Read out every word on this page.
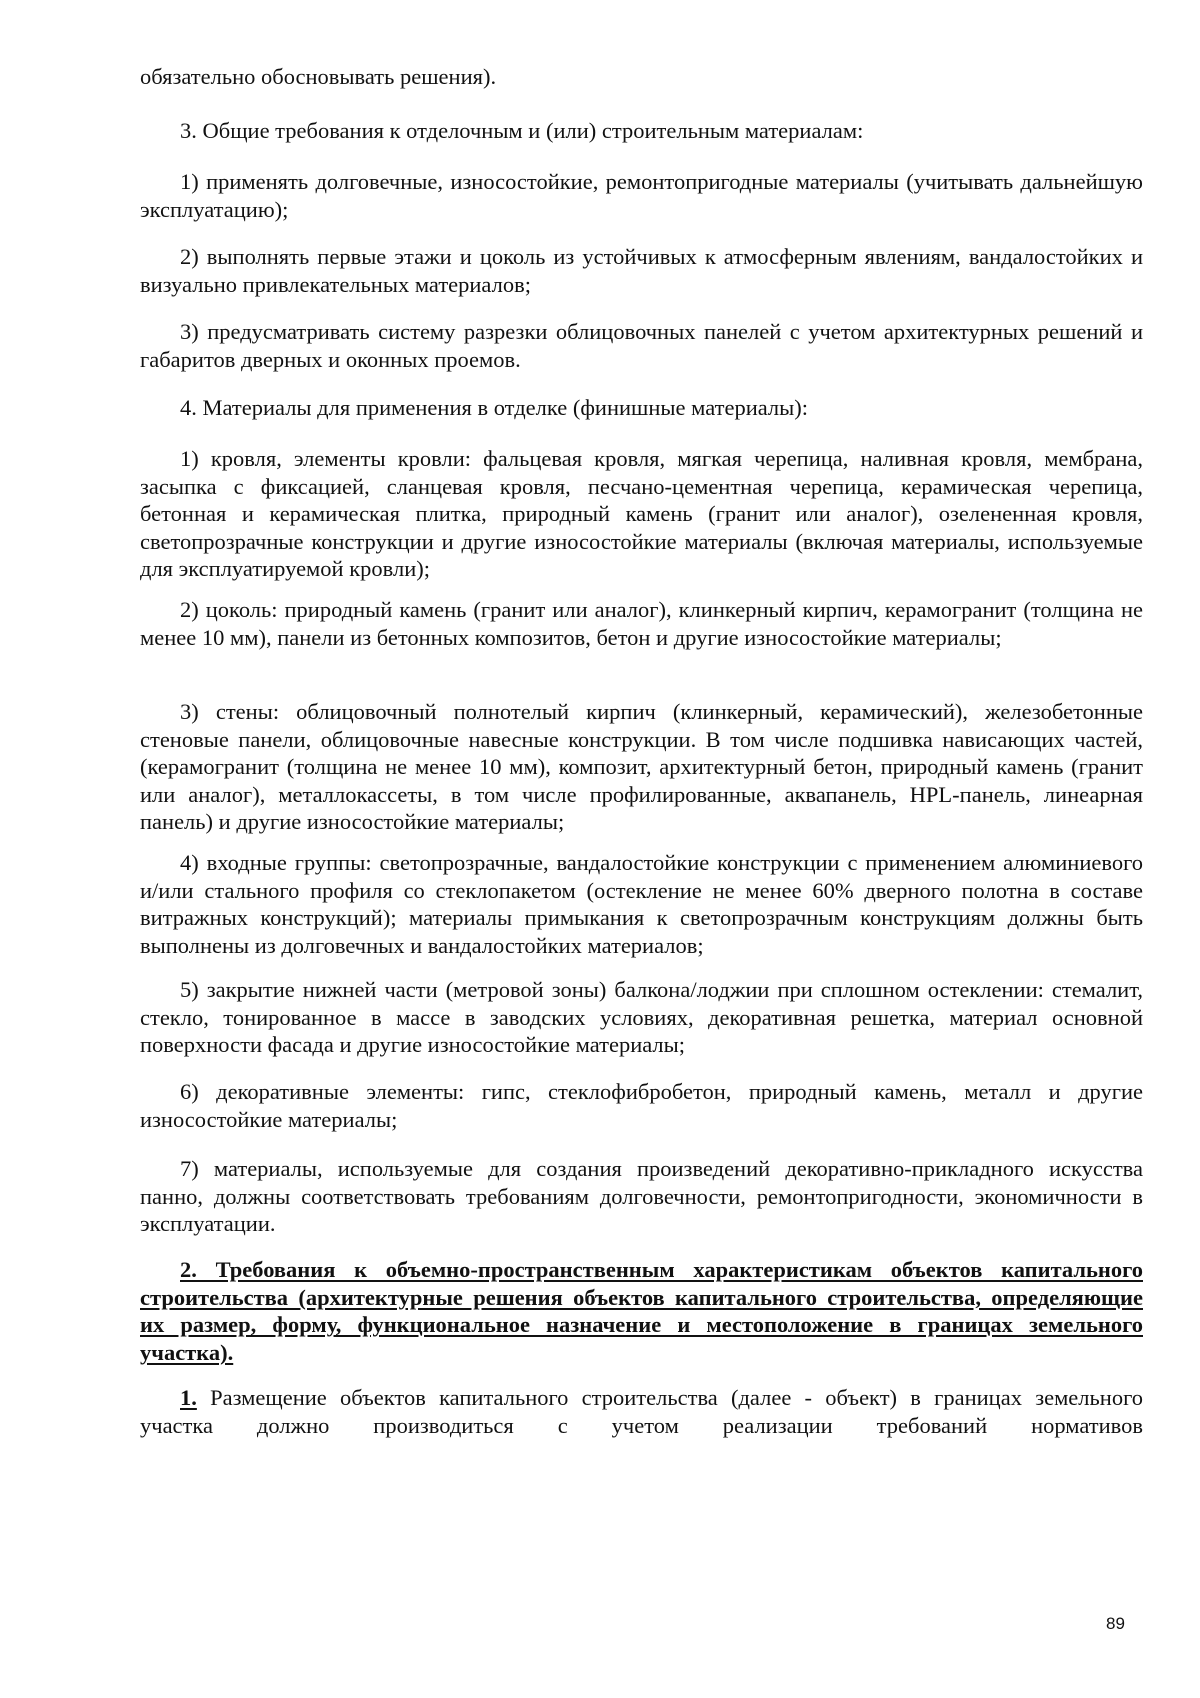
обязательно обосновывать решения).
3. Общие требования к отделочным и (или) строительным материалам:
1) применять долговечные, износостойкие, ремонтопригодные материалы (учитывать дальнейшую эксплуатацию);
2) выполнять первые этажи и цоколь из устойчивых к атмосферным явлениям, вандалостойких и визуально привлекательных материалов;
3) предусматривать систему разрезки облицовочных панелей с учетом архитектурных решений и габаритов дверных и оконных проемов.
4. Материалы для применения в отделке (финишные материалы):
1) кровля, элементы кровли: фальцевая кровля, мягкая черепица, наливная кровля, мембрана, засыпка с фиксацией, сланцевая кровля, песчано-цементная черепица, керамическая черепица, бетонная и керамическая плитка, природный камень (гранит или аналог), озелененная кровля, светопрозрачные конструкции и другие износостойкие материалы (включая материалы, используемые для эксплуатируемой кровли);
2) цоколь: природный камень (гранит или аналог), клинкерный кирпич, керамогранит (толщина не менее 10 мм), панели из бетонных композитов, бетон и другие износостойкие материалы;
3) стены: облицовочный полнотелый кирпич (клинкерный, керамический), железобетонные стеновые панели, облицовочные навесные конструкции. В том числе подшивка нависающих частей, (керамогранит (толщина не менее 10 мм), композит, архитектурный бетон, природный камень (гранит или аналог), металлокассеты, в том числе профилированные, аквапанель, HPL-панель, линеарная панель) и другие износостойкие материалы;
4) входные группы: светопрозрачные, вандалостойкие конструкции с применением алюминиевого и/или стального профиля со стеклопакетом (остекление не менее 60% дверного полотна в составе витражных конструкций); материалы примыкания к светопрозрачным конструкциям должны быть выполнены из долговечных и вандалостойких материалов;
5) закрытие нижней части (метровой зоны) балкона/лоджии при сплошном остеклении: стемалит, стекло, тонированное в массе в заводских условиях, декоративная решетка, материал основной поверхности фасада и другие износостойкие материалы;
6) декоративные элементы: гипс, стеклофибробетон, природный камень, металл и другие износостойкие материалы;
7) материалы, используемые для создания произведений декоративно-прикладного искусства панно, должны соответствовать требованиям долговечности, ремонтопригодности, экономичности в эксплуатации.
2. Требования к объемно-пространственным характеристикам объектов капитального строительства (архитектурные решения объектов капитального строительства, определяющие их размер, форму, функциональное назначение и местоположение в границах земельного участка).
1. Размещение объектов капитального строительства (далее - объект) в границах земельного участка должно производиться с учетом реализации требований нормативов
89
